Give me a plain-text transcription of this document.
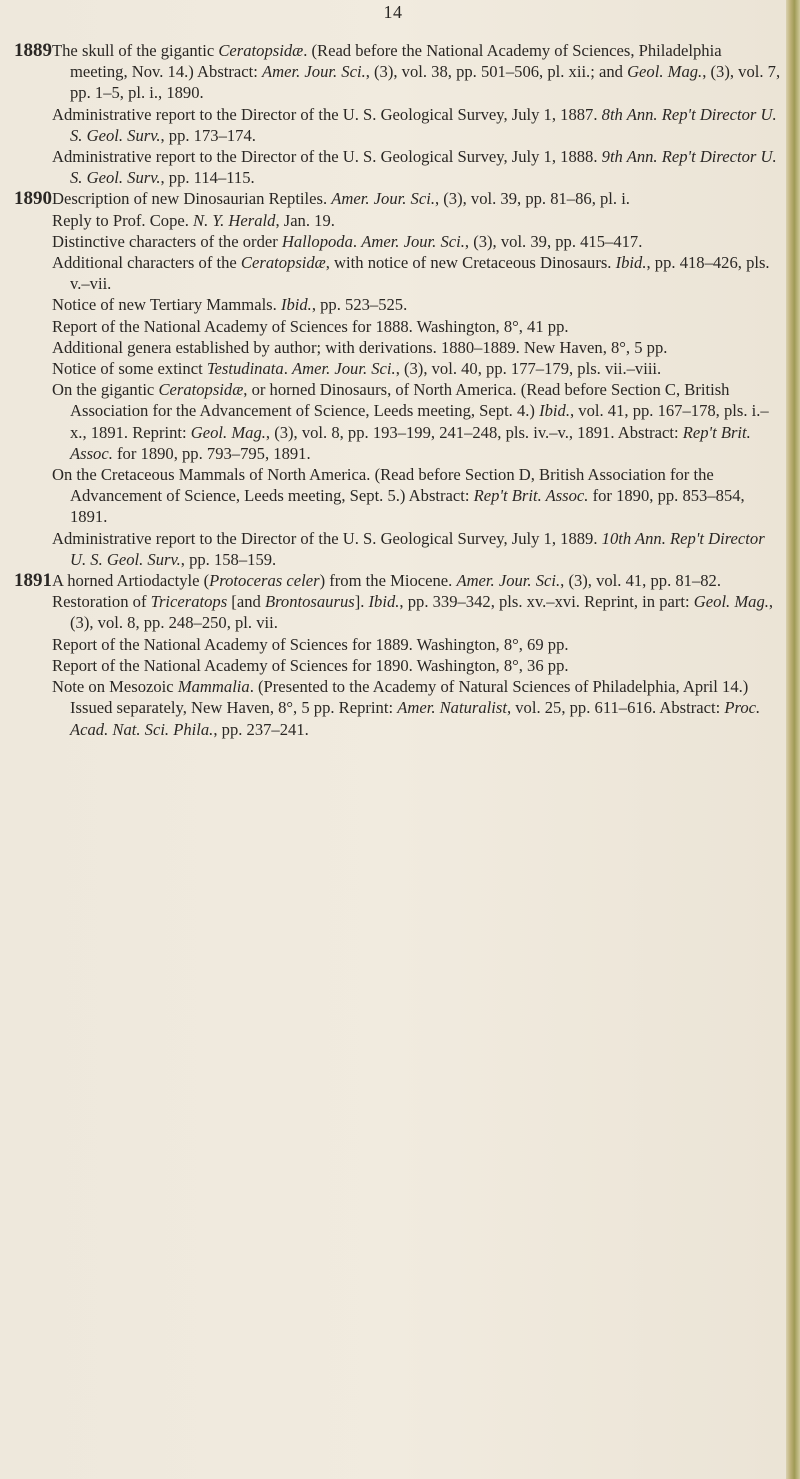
14
1889 The skull of the gigantic Ceratopsidæ. (Read before the National Academy of Sciences, Philadelphia meeting, Nov. 14.) Abstract: Amer. Jour. Sci., (3), vol. 38, pp. 501–506, pl. xii.; and Geol. Mag., (3), vol. 7, pp. 1–5, pl. i., 1890.
Administrative report to the Director of the U. S. Geological Survey, July 1, 1887. 8th Ann. Rep't Director U. S. Geol. Surv., pp. 173–174.
Administrative report to the Director of the U. S. Geological Survey, July 1, 1888. 9th Ann. Rep't Director U. S. Geol. Surv., pp. 114–115.
1890 Description of new Dinosaurian Reptiles. Amer. Jour. Sci., (3), vol. 39, pp. 81–86, pl. i.
Reply to Prof. Cope. N. Y. Herald, Jan. 19.
Distinctive characters of the order Hallopoda. Amer. Jour. Sci., (3), vol. 39, pp. 415–417.
Additional characters of the Ceratopsidæ, with notice of new Cretaceous Dinosaurs. Ibid., pp. 418–426, pls. v.–vii.
Notice of new Tertiary Mammals. Ibid., pp. 523–525.
Report of the National Academy of Sciences for 1888. Washington, 8°, 41 pp.
Additional genera established by author; with derivations. 1880–1889. New Haven, 8°, 5 pp.
Notice of some extinct Testudinata. Amer. Jour. Sci., (3), vol. 40, pp. 177–179, pls. vii.–viii.
On the gigantic Ceratopsidæ, or horned Dinosaurs, of North America. (Read before Section C, British Association for the Advancement of Science, Leeds meeting, Sept. 4.) Ibid., vol. 41, pp. 167–178, pls. i.–x., 1891. Reprint: Geol. Mag., (3), vol. 8, pp. 193–199, 241–248, pls. iv.–v., 1891. Abstract: Rep't Brit. Assoc. for 1890, pp. 793–795, 1891.
On the Cretaceous Mammals of North America. (Read before Section D, British Association for the Advancement of Science, Leeds meeting, Sept. 5.) Abstract: Rep't Brit. Assoc. for 1890, pp. 853–854, 1891.
Administrative report to the Director of the U. S. Geological Survey, July 1, 1889. 10th Ann. Rep't Director U. S. Geol. Surv., pp. 158–159.
1891 A horned Artiodactyle (Protoceras celer) from the Miocene. Amer. Jour. Sci., (3), vol. 41, pp. 81–82.
Restoration of Triceratops [and Brontosaurus]. Ibid., pp. 339–342, pls. xv.–xvi. Reprint, in part: Geol. Mag., (3), vol. 8, pp. 248–250, pl. vii.
Report of the National Academy of Sciences for 1889. Washington, 8°, 69 pp.
Report of the National Academy of Sciences for 1890. Washington, 8°, 36 pp.
Note on Mesozoic Mammalia. (Presented to the Academy of Natural Sciences of Philadelphia, April 14.) Issued separately, New Haven, 8°, 5 pp. Reprint: Amer. Naturalist, vol. 25, pp. 611–616. Abstract: Proc. Acad. Nat. Sci. Phila., pp. 237–241.
